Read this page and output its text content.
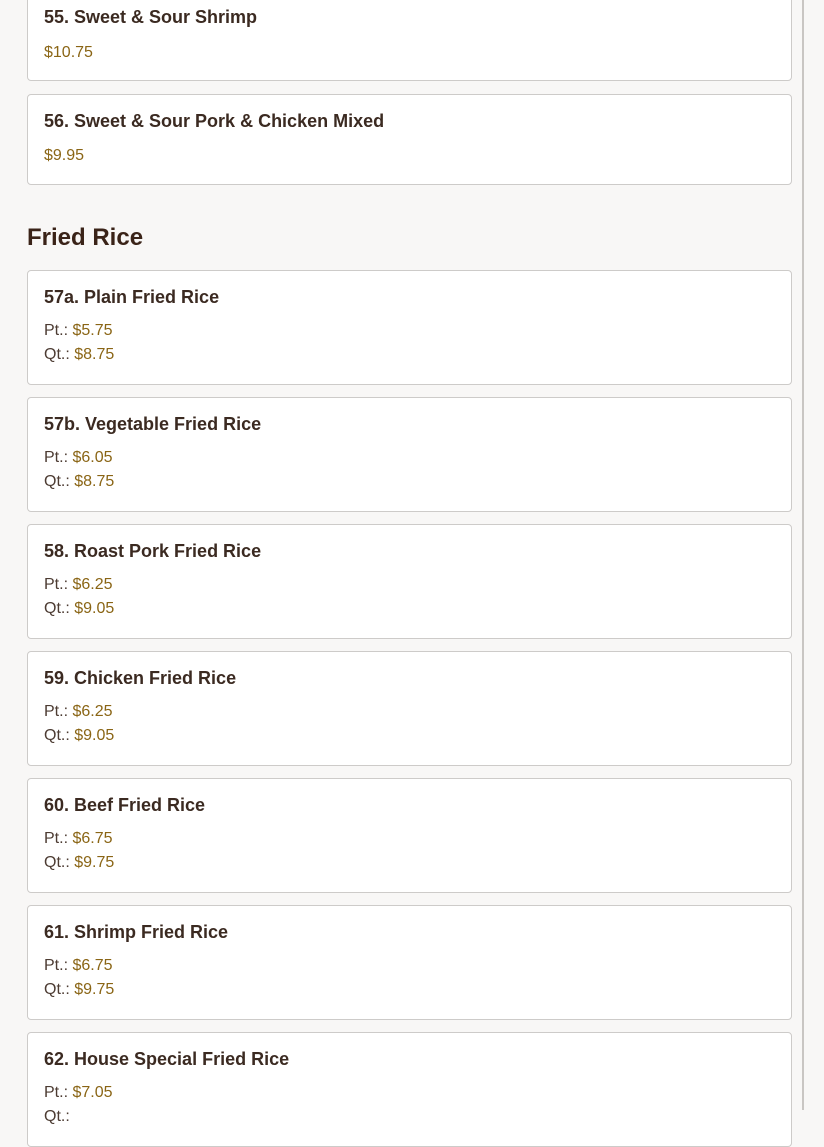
55. Sweet & Sour Shrimp
$10.75
56. Sweet & Sour Pork & Chicken Mixed
$9.95
Fried Rice
57a. Plain Fried Rice
Pt.: $5.75
Qt.: $8.75
57b. Vegetable Fried Rice
Pt.: $6.05
Qt.: $8.75
58. Roast Pork Fried Rice
Pt.: $6.25
Qt.: $9.05
59. Chicken Fried Rice
Pt.: $6.25
Qt.: $9.05
60. Beef Fried Rice
Pt.: $6.75
Qt.: $9.75
61. Shrimp Fried Rice
Pt.: $6.75
Qt.: $9.75
62. House Special Fried Rice
Pt.: $7.05
Qt.:
